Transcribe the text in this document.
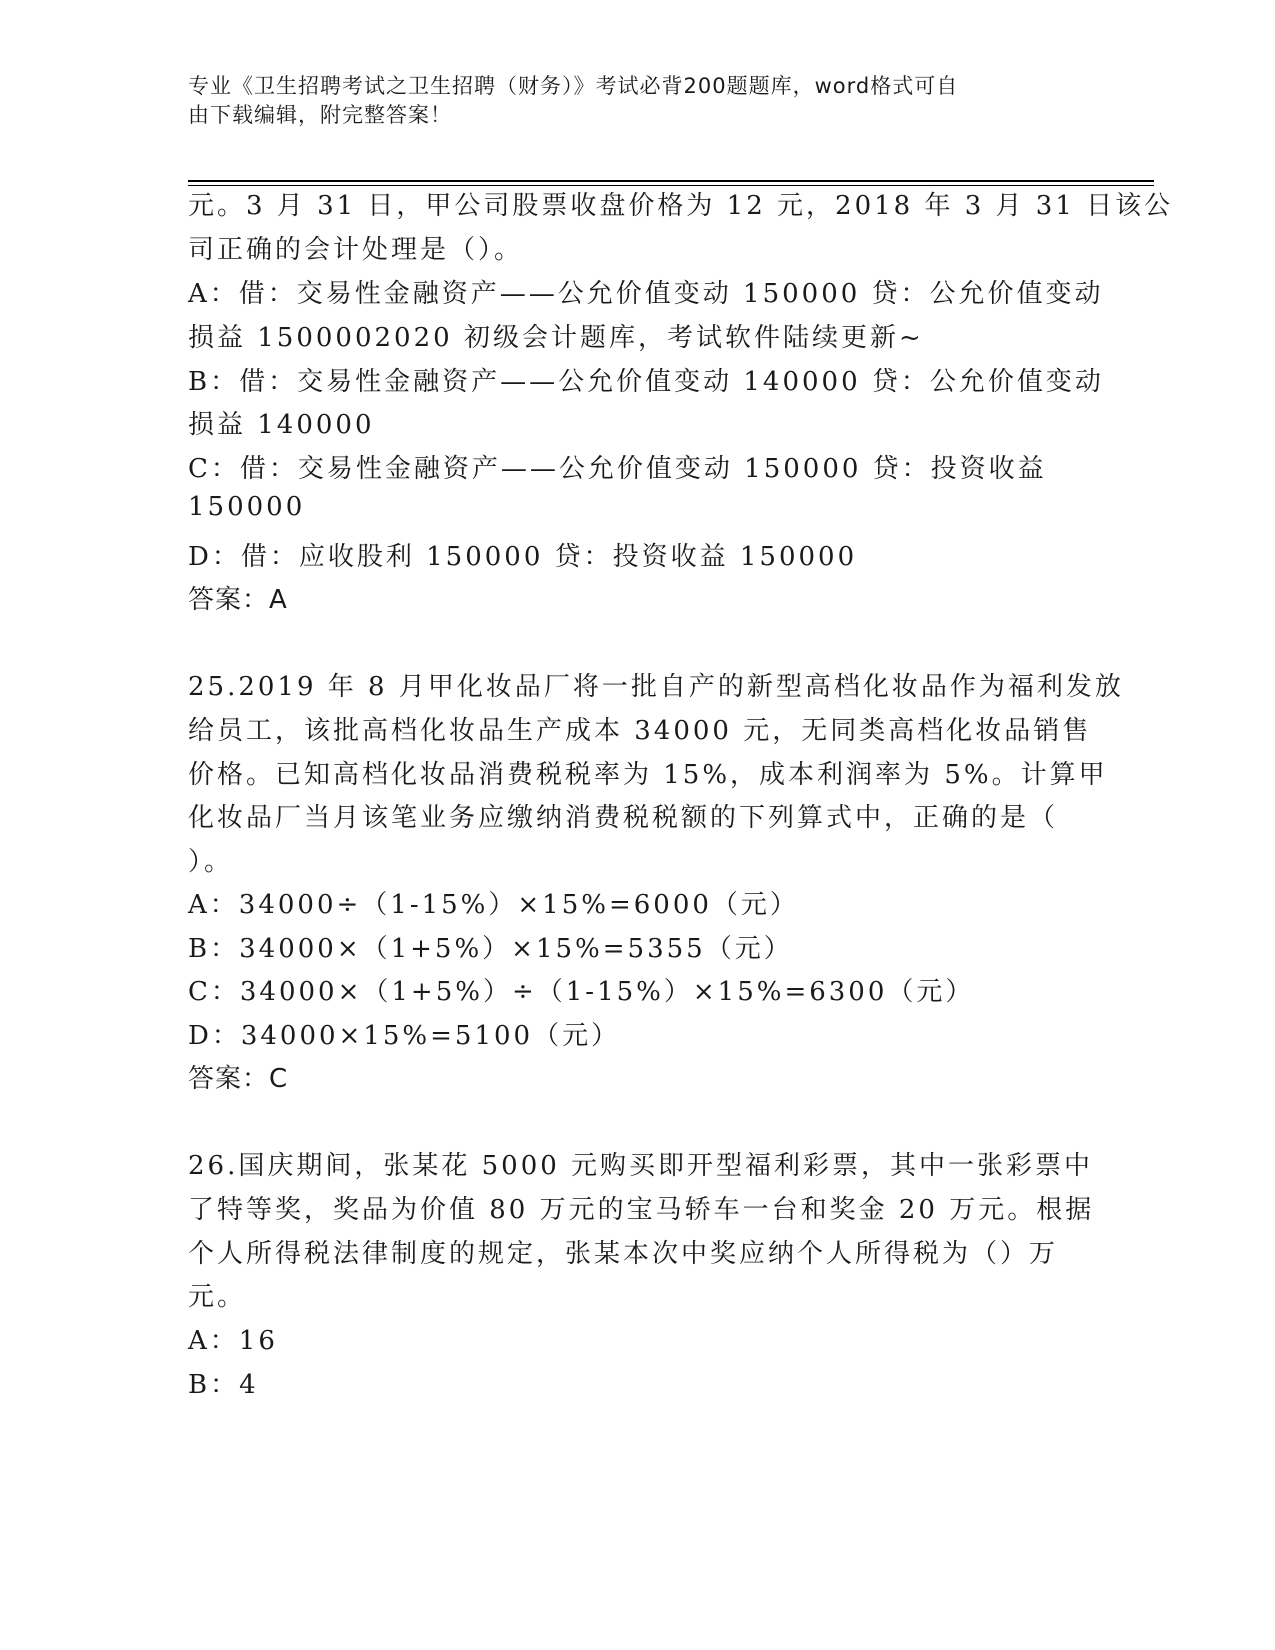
专业《卫生招聘考试之卫生招聘（财务）》考试必背200题题库，word格式可自
由下载编辑，附完整答案！
元。3 月 31 日，甲公司股票收盘价格为 12 元，2018 年 3 月 31 日该公
司正确的会计处理是（）。
A：借：交易性金融资产——公允价值变动 150000 贷：公允价值变动
损益 1500002020 初级会计题库，考试软件陆续更新~
B：借：交易性金融资产——公允价值变动 140000 贷：公允价值变动
损益 140000
C：借：交易性金融资产——公允价值变动 150000 贷：投资收益
150000
D：借：应收股利 150000 贷：投资收益 150000
答案：A
25.2019 年 8 月甲化妆品厂将一批自产的新型高档化妆品作为福利发放
给员工，该批高档化妆品生产成本 34000 元，无同类高档化妆品销售
价格。已知高档化妆品消费税税率为 15%，成本利润率为 5%。计算甲
化妆品厂当月该笔业务应缴纳消费税税额的下列算式中，正确的是（
）。
A：34000÷（1-15%）×15%=6000（元）
B：34000×（1+5%）×15%=5355（元）
C：34000×（1+5%）÷（1-15%）×15%=6300（元）
D：34000×15%=5100（元）
答案：C
26.国庆期间，张某花 5000 元购买即开型福利彩票，其中一张彩票中
了特等奖，奖品为价值 80 万元的宝马轿车一台和奖金 20 万元。根据
个人所得税法律制度的规定，张某本次中奖应纳个人所得税为（）万
元。
A：16
B：4
